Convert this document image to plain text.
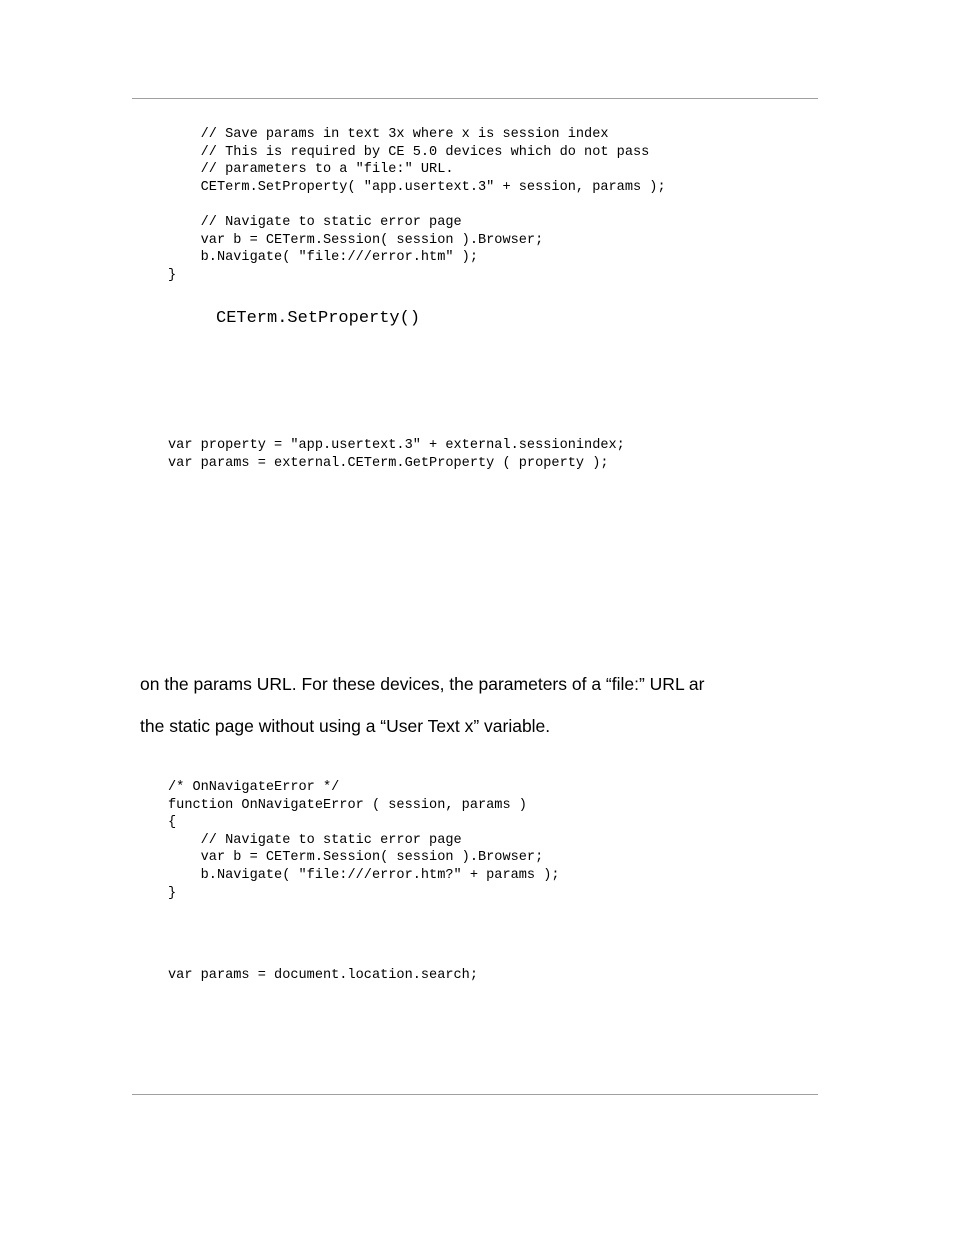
// Save params in text 3x where x is session index
// This is required by CE 5.0 devices which do not pass
// parameters to a "file:" URL.
CETerm.SetProperty( "app.usertext.3" + session, params );
// Navigate to static error page
var b = CETerm.Session( session ).Browser;
b.Navigate( "file:///error.htm" );
}
CETerm.SetProperty()
var property = "app.usertext.3" + external.sessionindex;
var params = external.CETerm.GetProperty ( property );
on the params URL. For these devices, the parameters of a “file:” URL ar
the static page without using a “User Text x” variable.
/* OnNavigateError */
function OnNavigateError ( session, params )
{
// Navigate to static error page
var b = CETerm.Session( session ).Browser;
b.Navigate( "file:///error.htm?" + params );
}
var params = document.location.search;
